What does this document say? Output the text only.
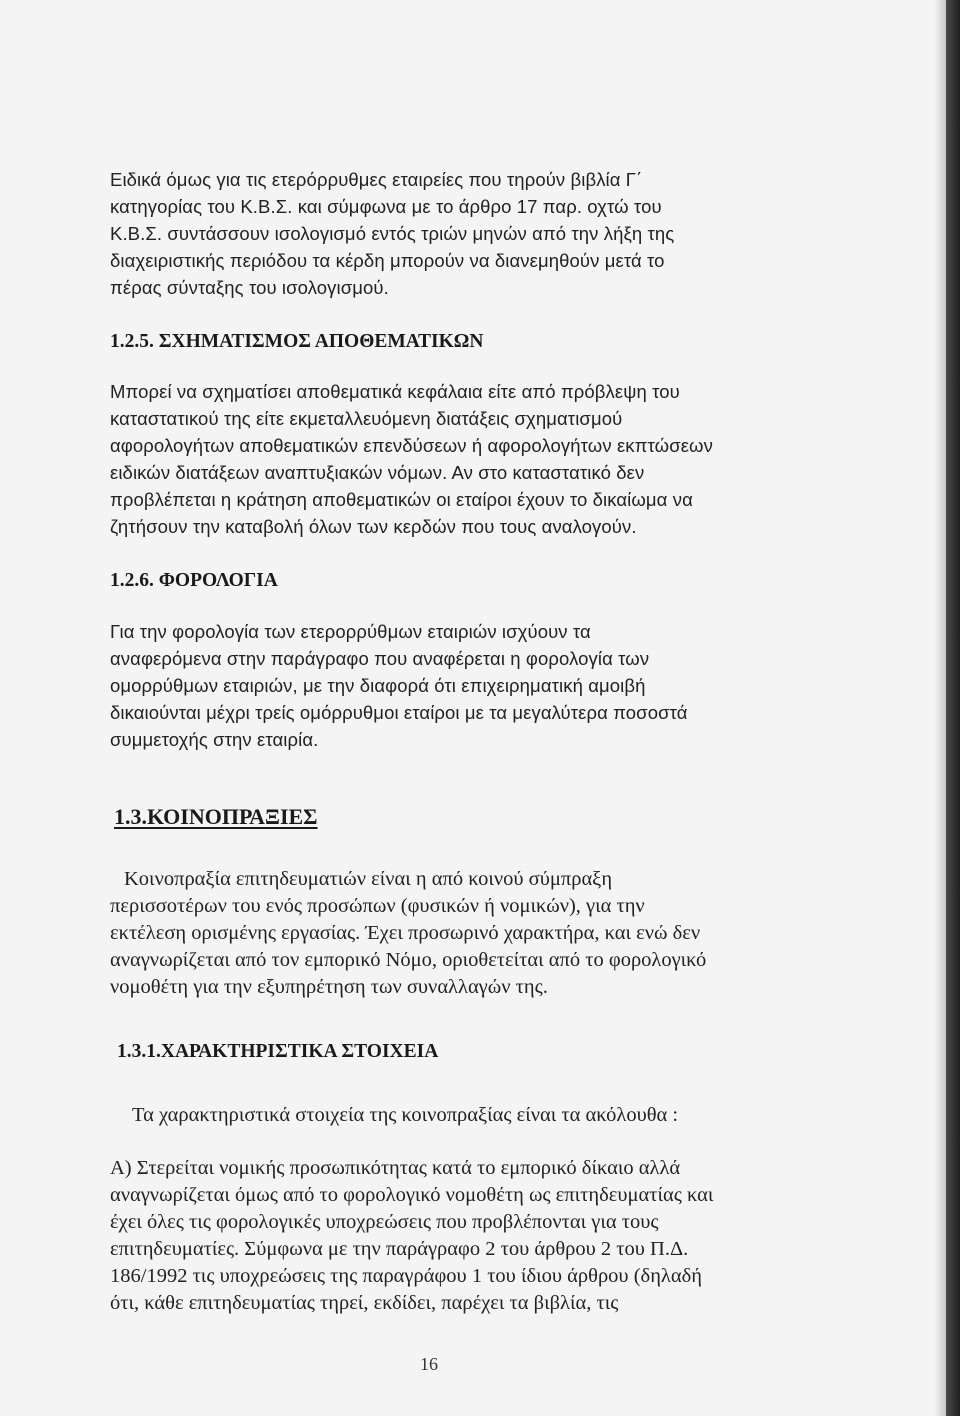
Ειδικά όμως για τις ετερόρρυθμες εταιρείες που τηρούν βιβλία Γ΄
κατηγορίας του Κ.Β.Σ. και σύμφωνα με το άρθρο 17 παρ. οχτώ του
Κ.Β.Σ. συντάσσουν ισολογισμό εντός τριών μηνών από την λήξη της
διαχειριστικής περιόδου τα κέρδη μπορούν να διανεμηθούν μετά το
πέρας σύνταξης του ισολογισμού.
1.2.5. ΣΧΗΜΑΤΙΣΜΟΣ ΑΠΟΘΕΜΑΤΙΚΩΝ
Μπορεί να σχηματίσει αποθεματικά κεφάλαια είτε από πρόβλεψη του
καταστατικού της είτε εκμεταλλευόμενη διατάξεις σχηματισμού
αφορολογήτων αποθεματικών επενδύσεων ή αφορολογήτων εκπτώσεων
ειδικών διατάξεων αναπτυξιακών νόμων. Αν στο καταστατικό δεν
προβλέπεται η κράτηση αποθεματικών οι εταίροι έχουν το δικαίωμα να
ζητήσουν την καταβολή όλων των κερδών που τους αναλογούν.
1.2.6. ΦΟΡΟΛΟΓΙΑ
Για την φορολογία των ετερορρύθμων εταιριών ισχύουν τα
αναφερόμενα στην παράγραφο που αναφέρεται η φορολογία των
ομορρύθμων εταιριών, με την διαφορά ότι επιχειρηματική αμοιβή
δικαιούνται μέχρι τρείς ομόρρυθμοι εταίροι με τα μεγαλύτερα ποσοστά
συμμετοχής στην εταιρία.
1.3.ΚΟΙΝΟΠΡΑΞΙΕΣ
Κοινοπραξία επιτηδευματιών είναι η από κοινού σύμπραξη
περισσοτέρων του ενός προσώπων (φυσικών ή νομικών), για την
εκτέλεση ορισμένης εργασίας. Έχει προσωρινό χαρακτήρα, και ενώ δεν
αναγνωρίζεται από τον εμπορικό Νόμο, οριοθετείται από το φορολογικό
νομοθέτη για την εξυπηρέτηση των συναλλαγών της.
1.3.1.ΧΑΡΑΚΤΗΡΙΣΤΙΚΑ ΣΤΟΙΧΕΙΑ
Τα χαρακτηριστικά στοιχεία της κοινοπραξίας είναι τα ακόλουθα :
Α) Στερείται νομικής προσωπικότητας κατά το εμπορικό δίκαιο αλλά
αναγνωρίζεται όμως από το φορολογικό νομοθέτη ως επιτηδευματίας και
έχει όλες τις φορολογικές υποχρεώσεις που προβλέπονται για τους
επιτηδευματίες. Σύμφωνα με την παράγραφο 2 του άρθρου 2 του Π.Δ.
186/1992 τις υποχρεώσεις της παραγράφου 1 του ίδιου άρθρου (δηλαδή
ότι, κάθε επιτηδευματίας τηρεί, εκδίδει, παρέχει τα βιβλία, τις
16
